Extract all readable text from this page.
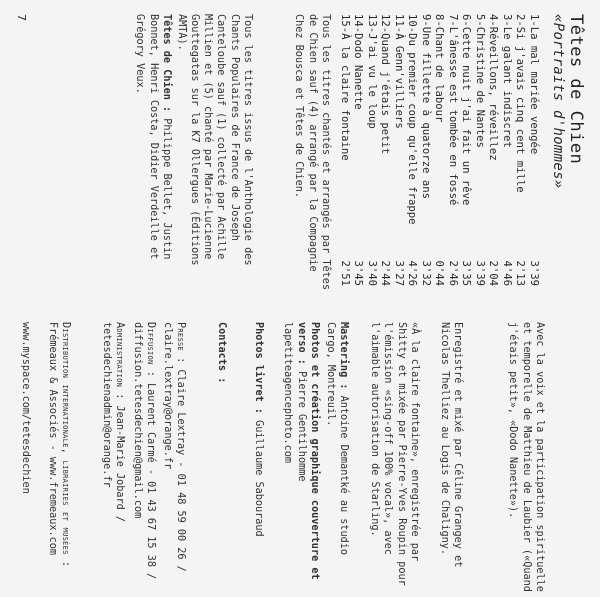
Têtes de Chien
«Portraits d'hommes»
1-La mal mariée vengée
3'39
2-Si j'avais cinq cent mille
2'13
3-Le galant indiscret
4'46
4-Réveillons, réveillez
2'04
5-Christine de Nantes
3'39
6-Cette nuit j'ai fait un rêve
3'35
7-L'ânesse est tombée en fossé
2'46
8-Chant de labour
0'44
9-Une fillette à quatorze ans
3'32
10-Du premier coup qu'elle frappe
4'26
11-À Genn'villiers
3'27
12-Quand j'étais petit
2'44
13-J'ai vu le loup
3'40
14-Dodo Nanette
3'45
15-À la claire fontaine
2'51

Tous les titres chantés et arrangés par Têtes de Chien sauf (4) arrangé par la Compagnie Chez Bousca et Têtes de Chien.

Tous les titres issus de l'Anthologie des Chants Populaires de France de Joseph Canteloube sauf (1) collecté par Achille Millien et (5) chanté par Marie-Lucienne Gouttegatas sur la K7 Ollergues (Éditions AMTA).

Têtes de Chien : Philippe Bellet, Justin Bonnet, Henri Costa, Didier Verdeille et Grégory Veux.

7

Avec la voix et la participation spirituelle et temporelle de Matthieu de Laubier («Quand j'étais petit», «Dodo Nanette»).

Enregistré et mixé par Céline Grangey et Nicolas Thelliez au Logis de Chaligny.

«À la claire fontaine», enregistrée par Shitty et mixée par Pierre-Yves Roupin pour l'émission «sing-off 100% vocal», avec l'aimable autorisation de Starling.

Mastering : Antoine Demantké au studio Cargo, Montreuil.

Photos et création graphique couverture et verso : Pierre Gentilhomme
lapetiteagencephoto.com

Photos livret : Guillaume Sabouraud

Contacts :

Presse : Claire Lextray - 01 48 59 00 26 / claire.lextray@orange.fr

Diffusion : Laurent Carmé - 01 43 67 15 38 / diffusion.tetesdechien@gmail.com

Administration : Jean-Marie Jobard / tetesdechienadmin@orange.fr

Distribution internationale, librairies et musées : Frémeaux & Associés - www.fremeaux.com

www.myspace.com/tetesdechien
